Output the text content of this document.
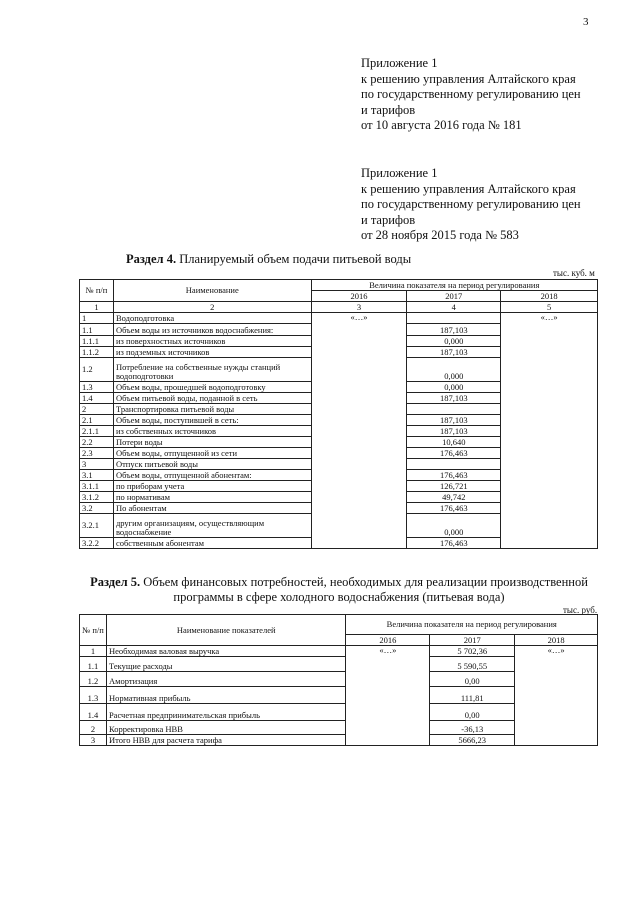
3
Приложение 1
к решению управления Алтайского края
по государственному регулированию цен
и тарифов
от 10 августа 2016 года № 181
Приложение 1
к решению управления Алтайского края
по государственному регулированию цен
и тарифов
от 28 ноября 2015 года № 583
Раздел 4. Планируемый объем подачи питьевой воды
тыс. куб. м
№ п/п	Наименование	Величина показателя на период регулирования		
		2016	2017	2018
1	2	3	4	5
1	Водоподготовка	«…»		«…»
1.1	Объем воды из источников водоснабжения:		187,103	
1.1.1	из поверхностных источников		0,000	
1.1.2	из подземных источников		187,103	
1.2	Потребление на собственные нужды станций водоподготовки		0,000	
1.3	Объем воды, прошедшей водоподготовку		0,000	
1.4	Объем питьевой воды, поданной в сеть		187,103	
2	Транспортировка питьевой воды			
2.1	Объем воды, поступившей в сеть:		187,103	
2.1.1	из собственных источников		187,103	
2.2	Потери воды		10,640	
2.3	Объем воды, отпущенной из сети		176,463	
3	Отпуск питьевой воды			
3.1	Объем воды, отпущенной абонентам:		176,463	
3.1.1	по приборам учета		126,721	
3.1.2	по нормативам		49,742	
3.2	По абонентам		176,463	
3.2.1	другим организациям, осуществляющим водоснабжение		0,000	
3.2.2	собственным абонентам		176,463	
Раздел 5. Объем финансовых потребностей, необходимых для реализации производственной программы в сфере холодного водоснабжения (питьевая вода)
тыс. руб.
№ п/п	Наименование показателей	Величина показателя на период регулирования		
		2016	2017	2018
1	Необходимая валовая выручка	«…»	5 702,36	«…»
1.1	Текущие расходы		5 590,55	
1.2	Амортизация		0,00	
1.3	Нормативная прибыль		111,81	
1.4	Расчетная предпринимательская прибыль		0,00	
2	Корректировка НВВ		-36,13	
3	Итого НВВ для расчета тарифа		5666,23	
